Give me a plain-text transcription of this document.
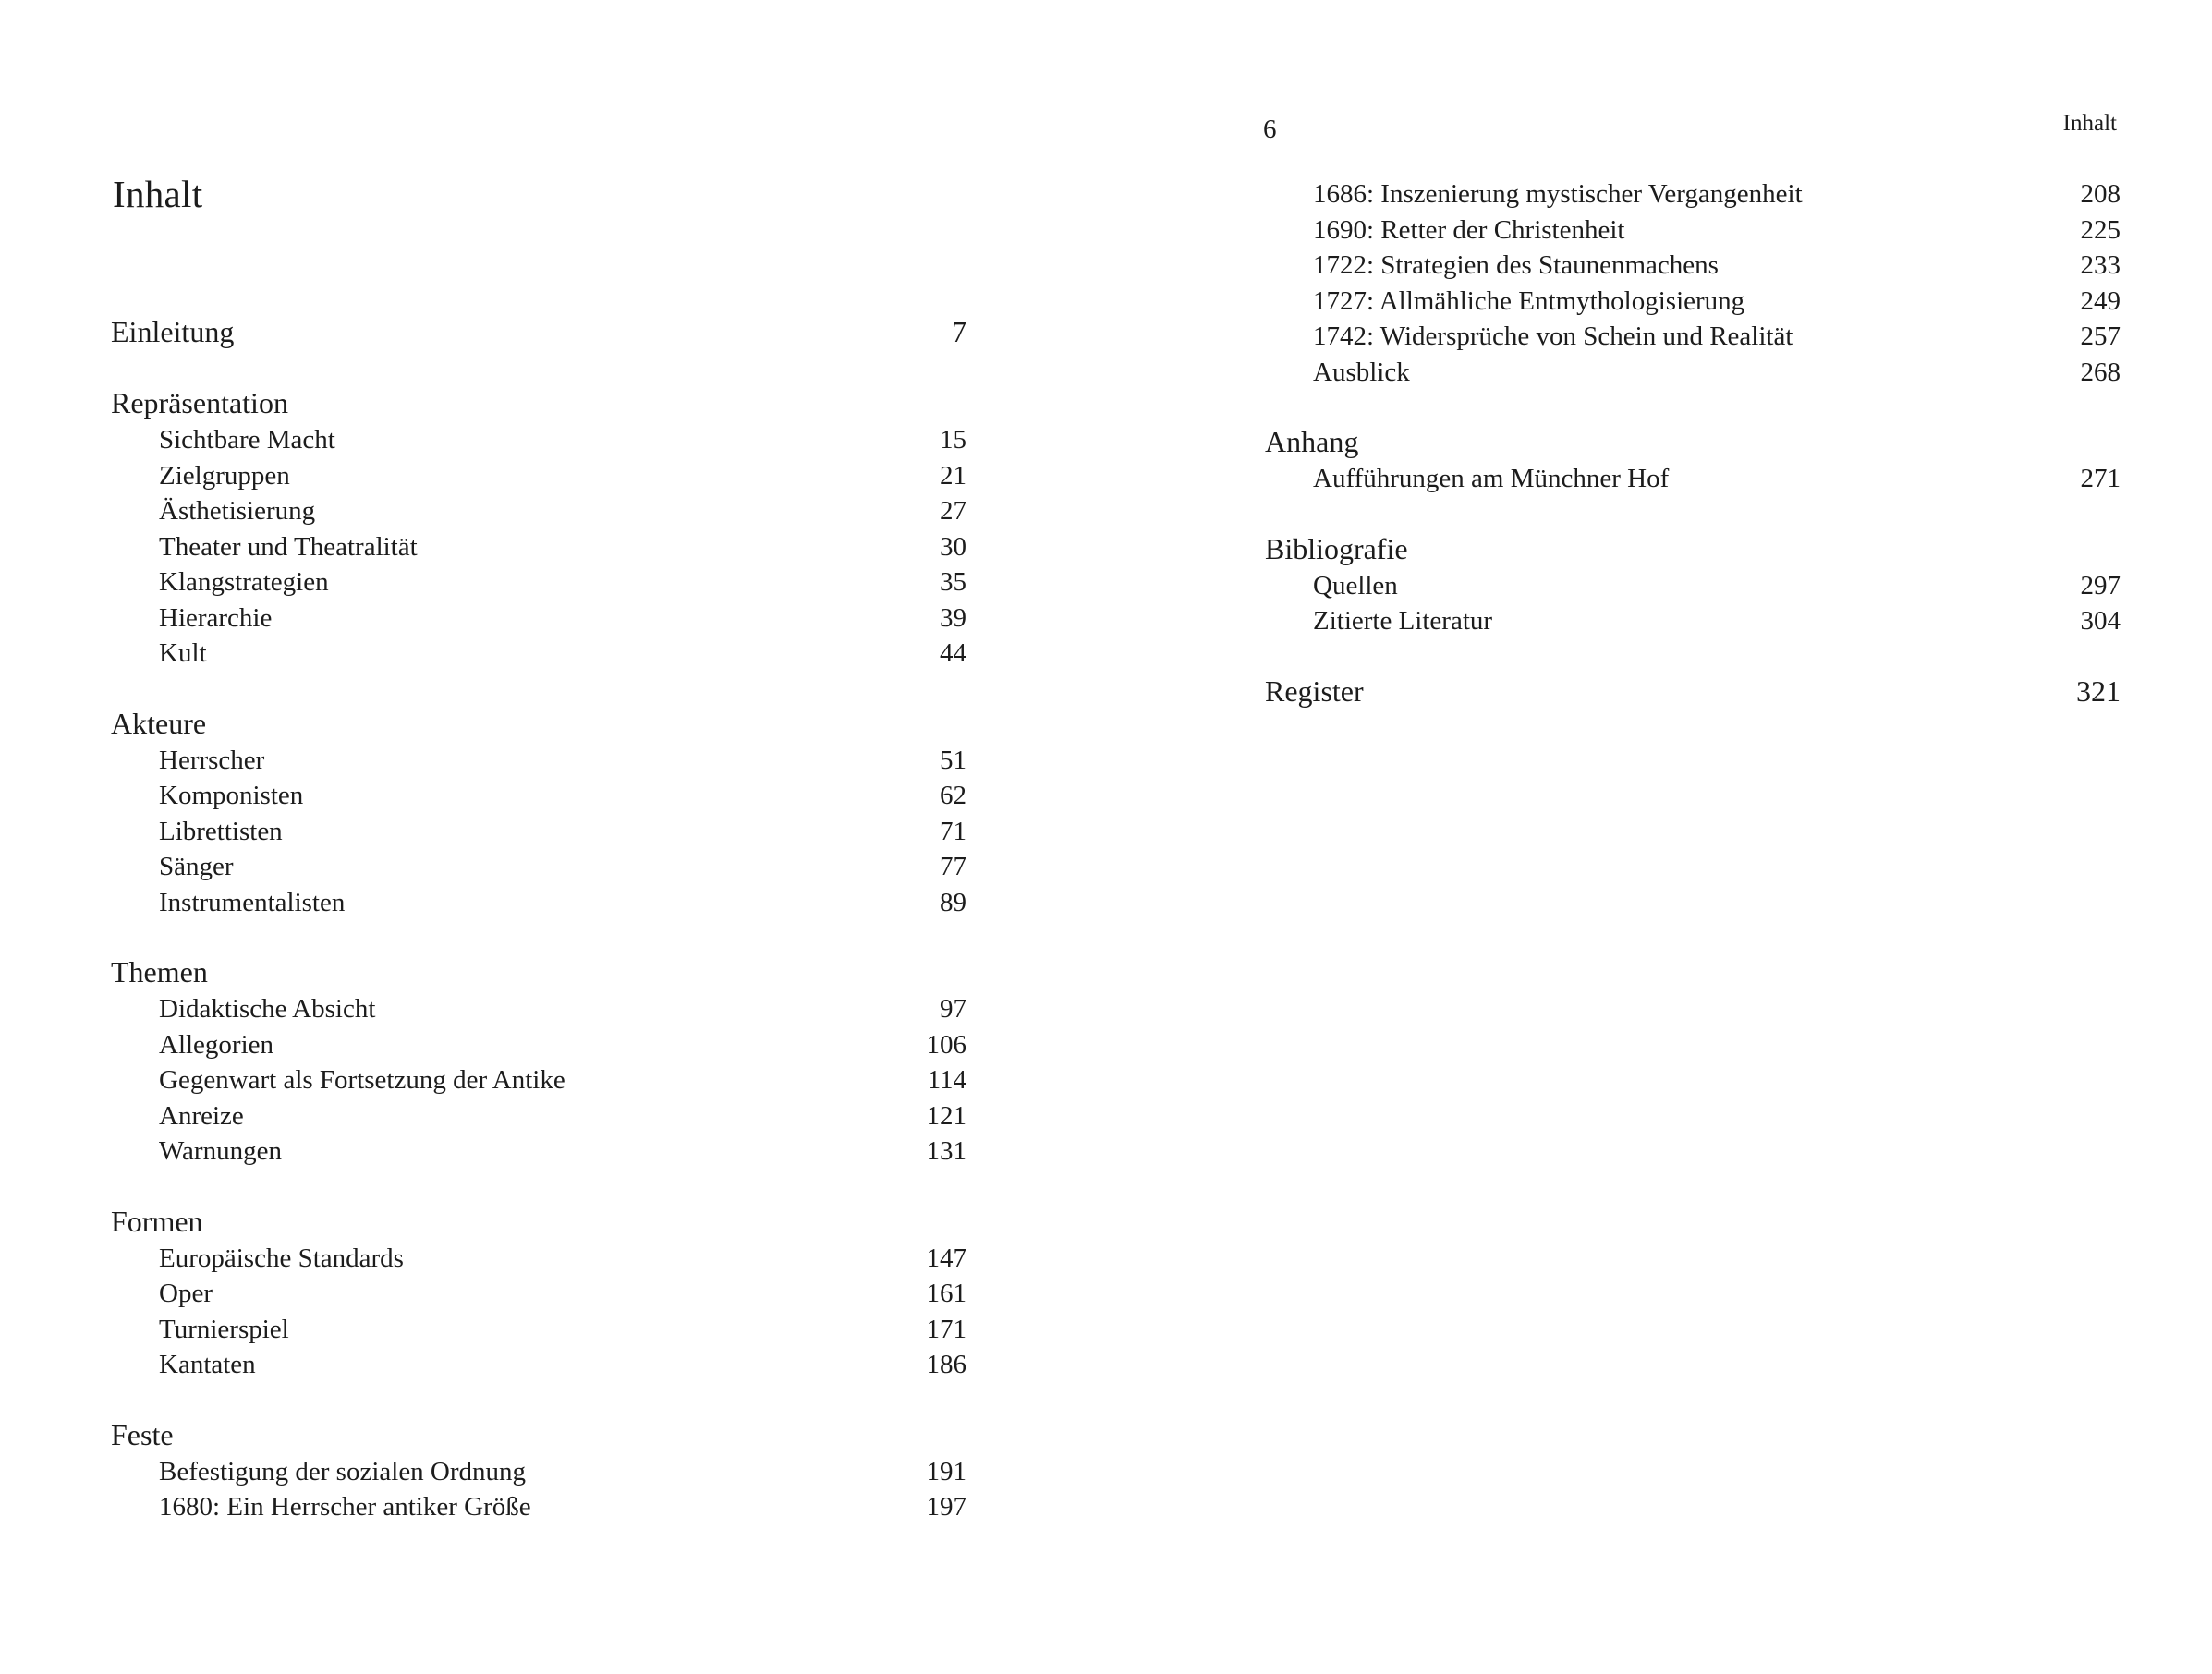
Inhalt
Einleitung	7
Repräsentation
Sichtbare Macht	15
Zielgruppen	21
Ästhetisierung	27
Theater und Theatralität	30
Klangstrategien	35
Hierarchie	39
Kult	44
Akteure
Herrscher	51
Komponisten	62
Librettisten	71
Sänger	77
Instrumentalisten	89
Themen
Didaktische Absicht	97
Allegorien	106
Gegenwart als Fortsetzung der Antike	114
Anreize	121
Warnungen	131
Formen
Europäische Standards	147
Oper	161
Turnierspiel	171
Kantaten	186
Feste
Befestigung der sozialen Ordnung	191
1680: Ein Herrscher antiker Größe	197
6	Inhalt
1686: Inszenierung mystischer Vergangenheit	208
1690: Retter der Christenheit	225
1722: Strategien des Staunenmachens	233
1727: Allmähliche Entmythologisierung	249
1742: Widersprüche von Schein und Realität	257
Ausblick	268
Anhang
Aufführungen am Münchner Hof	271
Bibliografie
Quellen	297
Zitierte Literatur	304
Register	321
